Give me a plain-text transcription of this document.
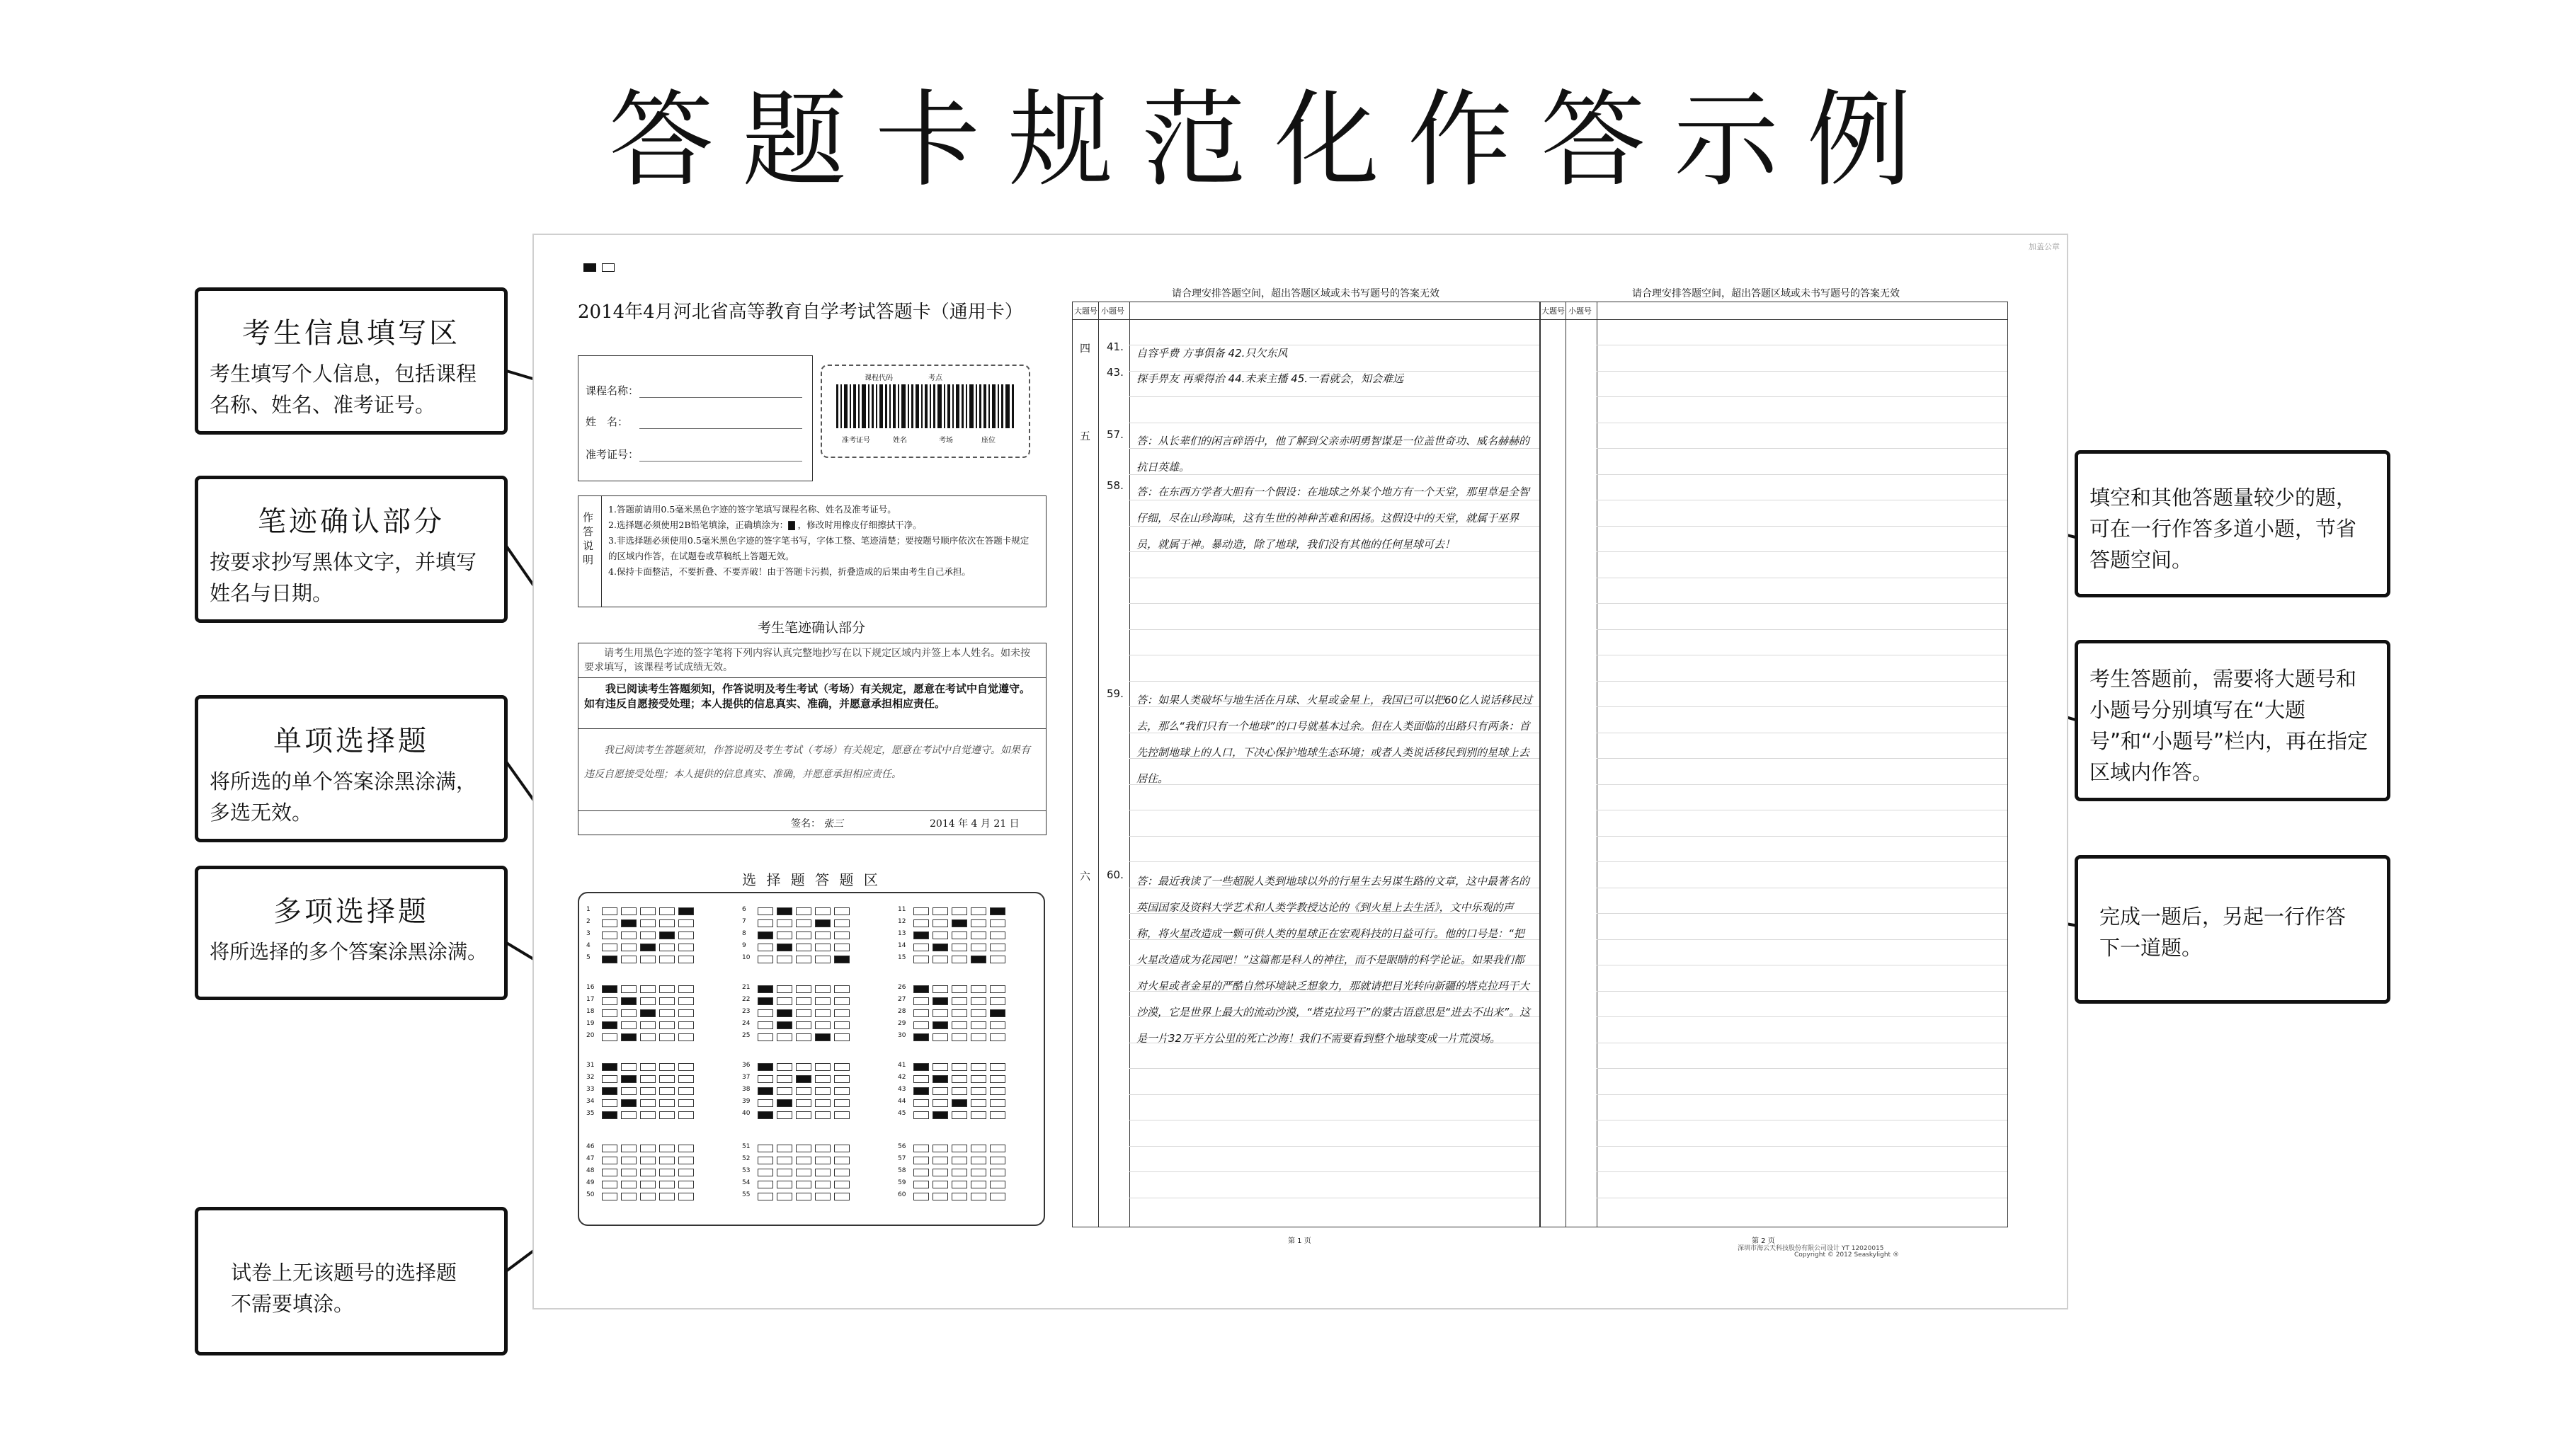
答题卡规范化作答示例
考生信息填写区
考生填写个人信息，包括课程名称、姓名、准考证号。
笔迹确认部分
按要求抄写黑体文字，并填写姓名与日期。
单项选择题
将所选的单个答案涂黑涂满，多选无效。
多项选择题
将所选择的多个答案涂黑涂满。
试卷上无该题号的选择题不需要填涂。
填空和其他答题量较少的题，可在一行作答多道小题，节省答题空间。
考生答题前，需要将大题号和小题号分别填写在“大题号”和“小题号”栏内，再在指定区域内作答。
完成一题后，另起一行作答下一道题。
加盖公章
2014年4月河北省高等教育自学考试答题卡（通用卡）
课程名称：
姓　名：
准考证号：
课程代码	考点
准考证号	姓名	考场	座位
作答说明
1.答题前请用0.5毫米黑色字迹的签字笔填写课程名称、姓名及准考证号。
2.选择题必须使用2B铅笔填涂，正确填涂为：▇ ，修改时用橡皮仔细擦拭干净。
3.非选择题必须使用0.5毫米黑色字迹的签字笔书写，字体工整、笔迹清楚；要按题号顺序依次在答题卡规定的区域内作答，在试题卷或草稿纸上答题无效。
4.保持卡面整洁，不要折叠、不要弄破！由于答题卡污损，折叠造成的后果由考生自己承担。
考生笔迹确认部分
请考生用黑色字迹的签字笔将下列内容认真完整地抄写在以下规定区域内并签上本人姓名。如未按要求填写，该课程考试成绩无效。
我已阅读考生答题须知，作答说明及考生考试（考场）有关规定，愿意在考试中自觉遵守。如有违反自愿接受处理；本人提供的信息真实、准确，并愿意承担相应责任。
我已阅读考生答题须知，作答说明及考生考试（考场）有关规定，愿意在考试中自觉遵守。如果有违反自愿接受处理；本人提供的信息真实、准确，并愿意承担相应责任。
签名： 张三	2014 年 4 月 21 日
选 择 题 答 题 区
1
2
3
4
5
6
7
8
9
10
11
12
13
14
15
16
17
18
19
20
21
22
23
24
25
26
27
28
29
30
31
32
33
34
35
36
37
38
39
40
41
42
43
44
45
46
47
48
49
50
51
52
53
54
55
56
57
58
59
60
请合理安排答题空间，超出答题区域或未书写题号的答案无效	请合理安排答题空间，超出答题区域或未书写题号的答案无效
大题号 小题号
四 41. 自容乎费 方事俱备 42.只欠东风
43. 探手畀友 再乘得治 44.未来主播 45.一看就会，知会难远
五 57. 答：从长辈们的闲言碎语中，他了解到父亲赤明勇智谋是一位盖世奇功、威名赫赫的抗日英雄。
58. 答：在东西方学者大胆有一个假设：在地球之外某个地方有一个天堂，那里草是全智仔细，尽在山珍海味，这有生世的神种苦难和困扬。这假设中的天堂，就属于巫界员，就属于神。暴动造，除了地球，我们没有其他的任何星球可去！
59. 答：如果人类破坏与地生活在月球、火星或金星上，我国已可以把60亿人说话移民过去，那么“我们只有一个地球”的口号就基本过余。但在人类面临的出路只有两条：首先控制地球上的人口，下决心保护地球生态环境；或者人类说话移民到别的星球上去居住。
六 60. 答：最近我读了一些超脱人类到地球以外的行星生去另谋生路的文章，这中最著名的英国国家及资料大学艺术和人类学教授达论的《到火星上去生活》，文中乐观的声称，将火星改造成一颗可供人类的星球正在宏观科技的日益可行。他的口号是：“把火星改造成为花园吧！”这篇都是科人的神往，而不是眼睛的科学论证。如果我们都对火星或者金星的严酷自然环境缺乏想象力，那就请把目光转向新疆的塔克拉玛干大沙漠，它是世界上最大的流动沙漠，“塔克拉玛干”的蒙古语意思是“进去不出来”。这是一片32万平方公里的死亡沙海！我们不需要看到整个地球变成一片荒漠场。
大题号 小题号
第 1 页	第 2 页
深圳市海云天科技股份有限公司设计 YT 12020015
Copyright © 2012 Seaskylight ®
